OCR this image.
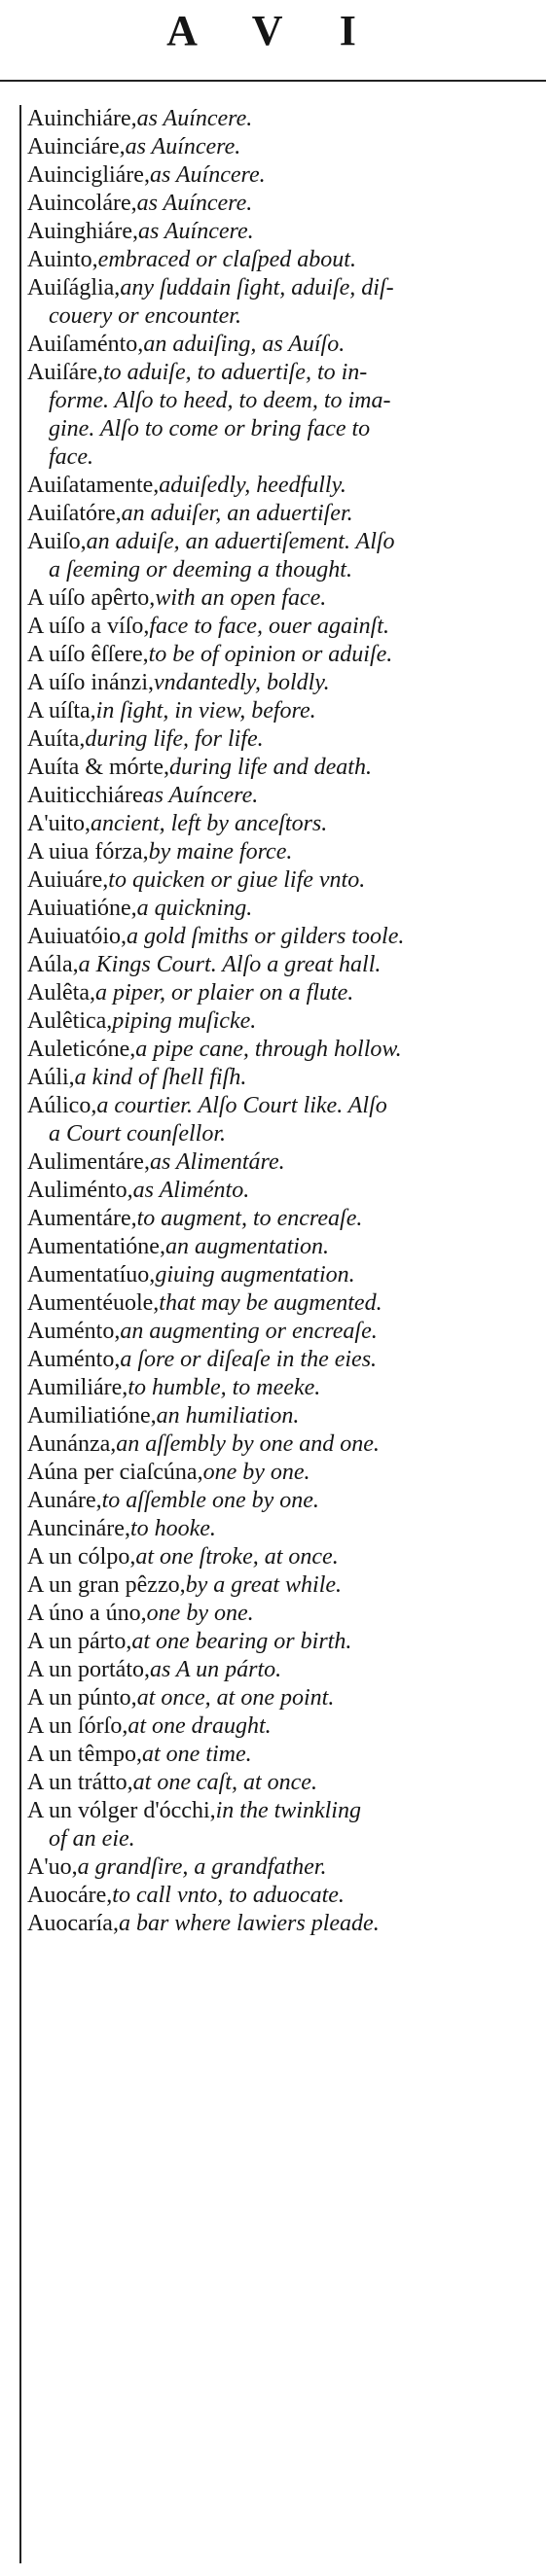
A V I

Auinchiáre,as Auíncere.

Auinciáre,as Auíncere.

Auincigliáre,as Auíncere.

Auincoláre,as Auíncere.

Auinghiáre,as Auíncere.

Auinto,embraced or claſped about.

Auiſáglia,any ſuddain ſight, aduiſe, diſ-
couery or encounter.

Auiſaménto,an aduiſing, as Auíſo.

Auiſáre,to aduiſe, to aduertiſe, to in-
forme. Alſo to heed, to deem, to ima-
gine. Alſo to come or bring face to
face.

Auiſatamente,aduiſedly, heedfully.

Auiſatóre,an aduiſer, an aduertiſer.

Auiſo,an aduiſe, an aduertiſement. Alſo
a ſeeming or deeming a thought.

A uíſo apêrto,with an open face.

A uíſo a víſo,face to face, ouer againſt.

A uíſo êſſere,to be of opinion or aduiſe.

A uíſo inánzi,vndantedly, boldly.

A uíſta,in ſight, in view, before.

Auíta,during life, for life.

Auíta & mórte,during life and death.

Auiticchiáreas Auíncere.

A'uito,ancient, left by anceſtors.

A uiua fórza,by maine force.

Auiuáre,to quicken or giue life vnto.

Auiuatióne,a quickning.

Auiuatóio,a gold ſmiths or gilders toole.

Aúla,a Kings Court. Alſo a great hall.

Aulêta,a piper, or plaier on a flute.

Aulêtica,piping muſicke.

Auleticóne,a pipe cane, through hollow.

Aúli,a kind of ſhell fiſh.

Aúlico,a courtier. Alſo Court like. Alſo
a Court counſellor.

Aulimentáre,as Alimentáre.

Auliménto,as Aliménto.

Aumentáre,to augment, to encreaſe.

Aumentatióne,an augmentation.

Aumentatíuo,giuing augmentation.

Aumentéuole,that may be augmented.

Auménto,an augmenting or encreaſe.

Auménto,a ſore or diſeaſe in the eies.

Aumiliáre,to humble, to meeke.

Aumiliatióne,an humiliation.

Aunánza,an aſſembly by one and one.

Aúna per ciaſcúna,one by one.

Aunáre,to aſſemble one by one.

Auncináre,to hooke.

A un cólpo,at one ſtroke, at once.

A un gran pêzzo,by a great while.

A úno a úno,one by one.

A un párto,at one bearing or birth.

A un portáto,as A un párto.

A un púnto,at once, at one point.

A un ſórſo,at one draught.

A un têmpo,at one time.

A un trátto,at one caſt, at once.

A un vólger d'ócchi,in the twinkling
of an eie.

A'uo,a grandſire, a grandfather.

Auocáre,to call vnto, to aduocate.

Auocaría,a bar where lawiers pleade.
